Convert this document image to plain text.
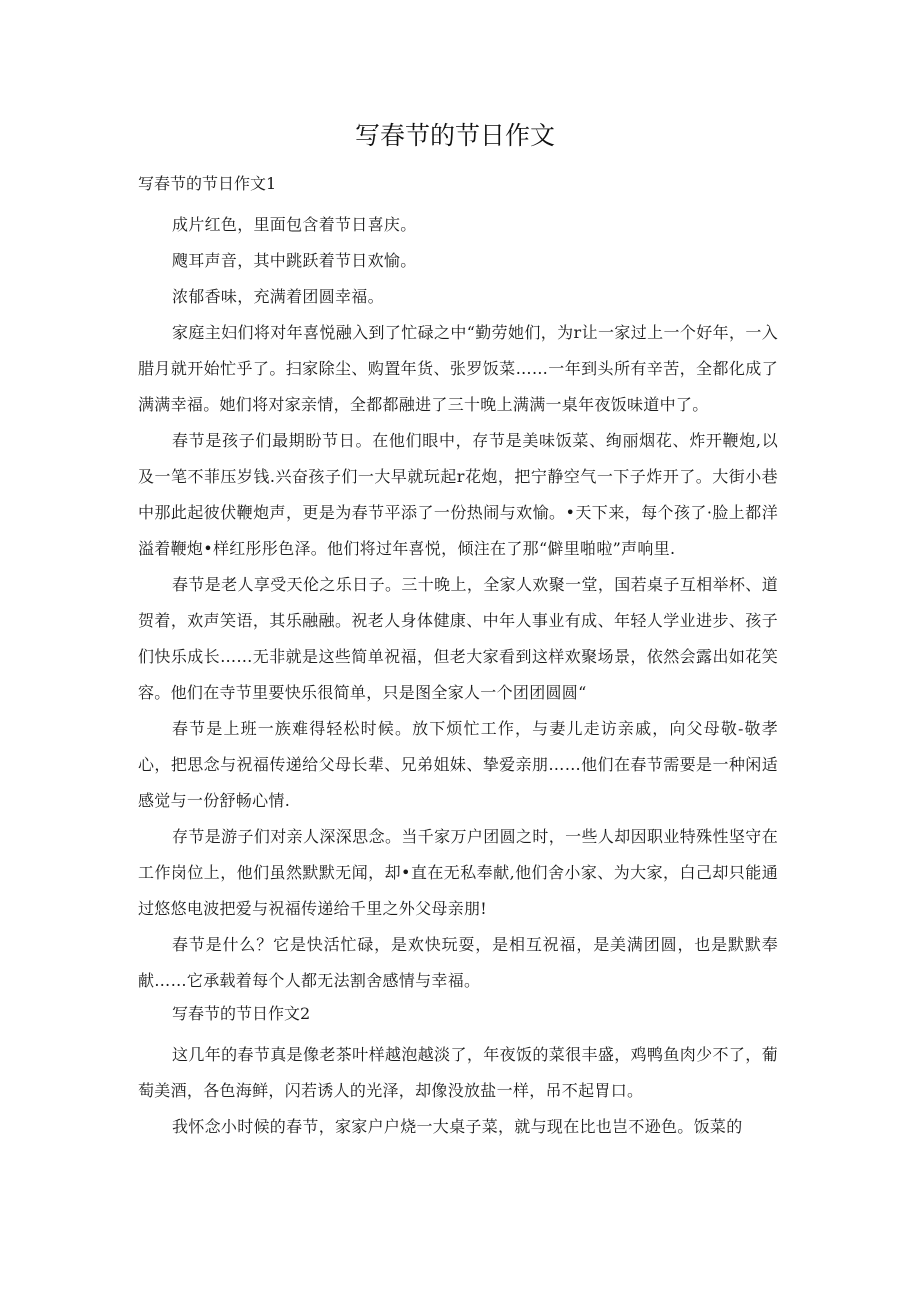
写春节的节日作文
写春节的节日作文1

成片红色，里面包含着节日喜庆。

飕耳声音，其中跳跃着节日欢愉。

浓郁香味，充满着团圆幸福。

家庭主妇们将对年喜悦融入到了忙碌之中“勤劳她们，为r让一家过上一个好年，一入腊月就开始忙乎了。扫家除尘、购置年货、张罗饭菜……一年到头所有辛苦，全都化成了满满幸福。她们将对家亲情，全都都融进了三十晚上满满一桌年夜饭味道中了。

春节是孩子们最期盼节日。在他们眼中，存节是美味饭菜、绚丽烟花、炸开鞭炮,以及一笔不菲压岁钱.兴奋孩子们一大早就玩起r花炮，把宁静空气一下子炸开了。大街小巷中那此起彼伏鞭炮声，更是为春节平添了一份热闹与欢愉。•天下来，每个孩了·脸上都洋溢着鞭炮•样红彤彤色泽。他们将过年喜悦，倾注在了那“僻里啪啦”声响里.

春节是老人享受天伦之乐日子。三十晚上，全家人欢聚一堂，国若桌子互相举杯、道贺着，欢声笑语，其乐融融。祝老人身体健康、中年人事业有成、年轻人学业进步、孩子们快乐成长……无非就是这些简单祝福，但老大家看到这样欢聚场景，依然会露出如花笑容。他们在寺节里要快乐很简单，只是图全家人一个团团圆圆“

春节是上班一族难得轻松时候。放下烦忙工作，与妻儿走访亲戚，向父母敬-敬孝心，把思念与祝福传递给父母长辈、兄弟姐妹、挚爱亲朋……他们在春节需要是一种闲适感觉与一份舒畅心情.

存节是游子们对亲人深深思念。当千家万户团圆之时，一些人却因职业特殊性坚守在工作岗位上，他们虽然默默无闻，却•直在无私奉献,他们舍小家、为大家，白己却只能通过悠悠电波把爱与祝福传递给千里之外父母亲朋!

春节是什么？它是快活忙碌，是欢快玩耍，是相互祝福，是美满团圆，也是默默奉献……它承载着每个人都无法割舍感情与幸福。

写春节的节日作文2

这几年的春节真是像老茶叶样越泡越淡了，年夜饭的菜很丰盛，鸡鸭鱼肉少不了，葡萄美酒，各色海鲜，闪若诱人的光泽，却像没放盐一样，吊不起胃口。

我怀念小时候的春节，家家户户烧一大桌子菜，就与现在比也岂不逊色。饭菜的
